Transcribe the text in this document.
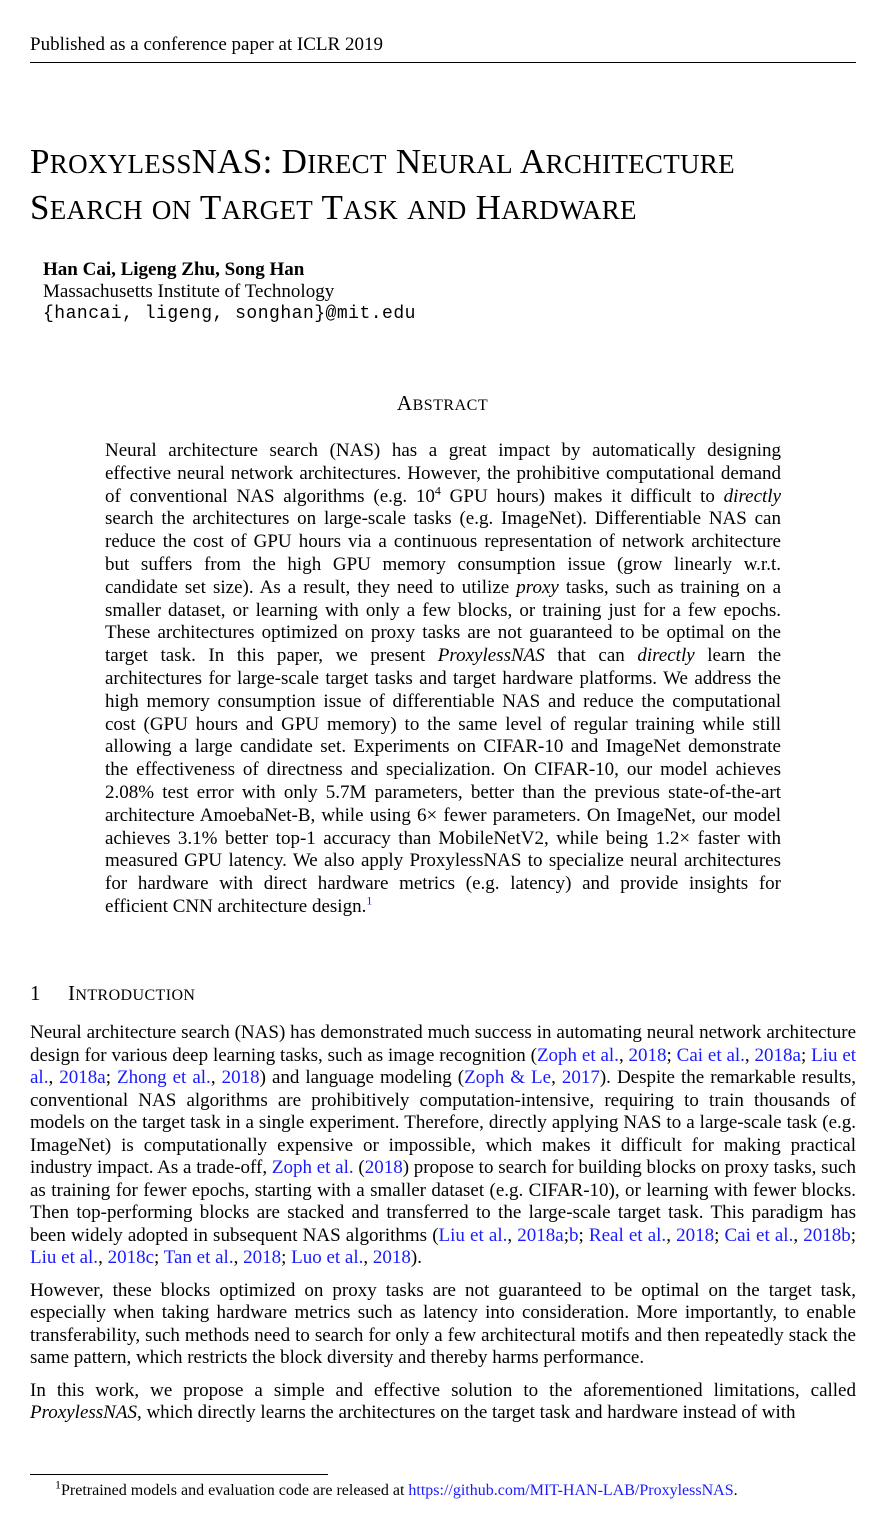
Published as a conference paper at ICLR 2019
PROXYLESSNAS: DIRECT NEURAL ARCHITECTURE
SEARCH ON TARGET TASK AND HARDWARE
Han Cai, Ligeng Zhu, Song Han
Massachusetts Institute of Technology
{hancai, ligeng, songhan}@mit.edu
ABSTRACT
Neural architecture search (NAS) has a great impact by automatically designing effective neural network architectures. However, the prohibitive computational demand of conventional NAS algorithms (e.g. $10^4$ GPU hours) makes it difficult to directly search the architectures on large-scale tasks (e.g. ImageNet). Differentiable NAS can reduce the cost of GPU hours via a continuous representation of network architecture but suffers from the high GPU memory consumption issue (grow linearly w.r.t. candidate set size). As a result, they need to utilize proxy tasks, such as training on a smaller dataset, or learning with only a few blocks, or training just for a few epochs. These architectures optimized on proxy tasks are not guaranteed to be optimal on the target task. In this paper, we present ProxylessNAS that can directly learn the architectures for large-scale target tasks and target hardware platforms. We address the high memory consumption issue of differentiable NAS and reduce the computational cost (GPU hours and GPU memory) to the same level of regular training while still allowing a large candidate set. Experiments on CIFAR-10 and ImageNet demonstrate the effectiveness of directness and specialization. On CIFAR-10, our model achieves 2.08% test error with only 5.7M parameters, better than the previous state-of-the-art architecture AmoebaNet-B, while using 6× fewer parameters. On ImageNet, our model achieves 3.1% better top-1 accuracy than MobileNetV2, while being 1.2× faster with measured GPU latency. We also apply ProxylessNAS to specialize neural architectures for hardware with direct hardware metrics (e.g. latency) and provide insights for efficient CNN architecture design.$^1$
1 INTRODUCTION

Neural architecture search (NAS) has demonstrated much success in automating neural network architecture design for various deep learning tasks, such as image recognition (Zoph et al., 2018; Cai et al., 2018a; Liu et al., 2018a; Zhong et al., 2018) and language modeling (Zoph & Le, 2017). Despite the remarkable results, conventional NAS algorithms are prohibitively computation-intensive, requiring to train thousands of models on the target task in a single experiment. Therefore, directly applying NAS to a large-scale task (e.g. ImageNet) is computationally expensive or impossible, which makes it difficult for making practical industry impact. As a trade-off, Zoph et al. (2018) propose to search for building blocks on proxy tasks, such as training for fewer epochs, starting with a smaller dataset (e.g. CIFAR-10), or learning with fewer blocks. Then top-performing blocks are stacked and transferred to the large-scale target task. This paradigm has been widely adopted in subsequent NAS algorithms (Liu et al., 2018a;b; Real et al., 2018; Cai et al., 2018b; Liu et al., 2018c; Tan et al., 2018; Luo et al., 2018).

However, these blocks optimized on proxy tasks are not guaranteed to be optimal on the target task, especially when taking hardware metrics such as latency into consideration. More importantly, to enable transferability, such methods need to search for only a few architectural motifs and then repeatedly stack the same pattern, which restricts the block diversity and thereby harms performance.

In this work, we propose a simple and effective solution to the aforementioned limitations, called ProxylessNAS, which directly learns the architectures on the target task and hardware instead of with

$^1$Pretrained models and evaluation code are released at https://github.com/MIT-HAN-LAB/ProxylessNAS.
